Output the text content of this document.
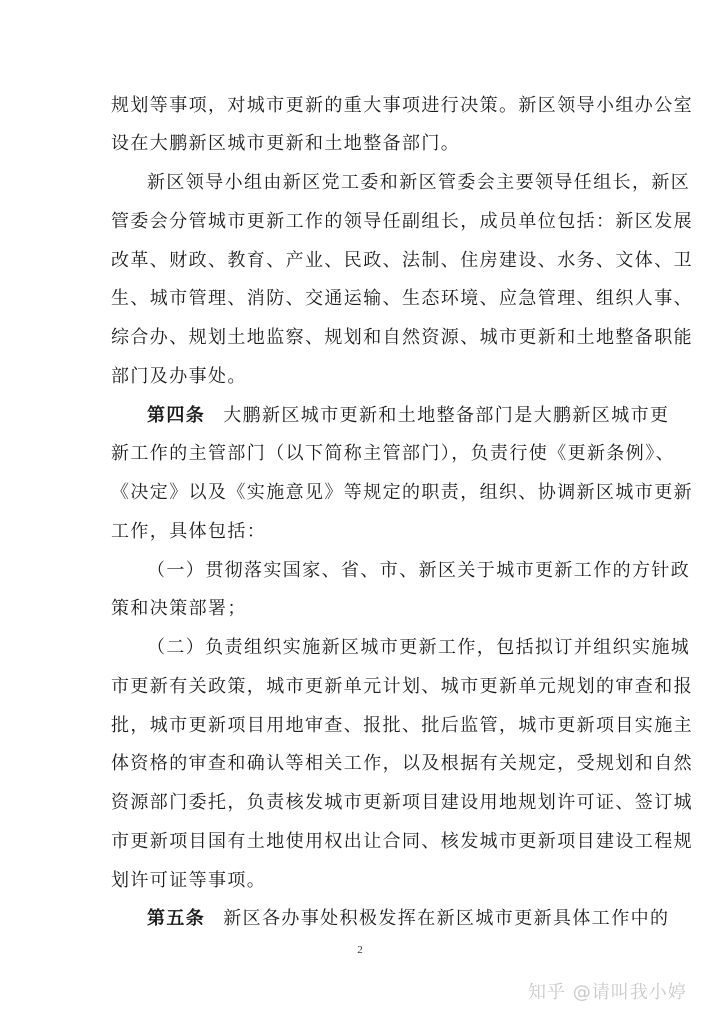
规划等事项，对城市更新的重大事项进行决策。新区领导小组办公室
设在大鹏新区城市更新和土地整备部门。
新区领导小组由新区党工委和新区管委会主要领导任组长，新区
管委会分管城市更新工作的领导任副组长，成员单位包括：新区发展
改革、财政、教育、产业、民政、法制、住房建设、水务、文体、卫
生、城市管理、消防、交通运输、生态环境、应急管理、组织人事、
综合办、规划土地监察、规划和自然资源、城市更新和土地整备职能
部门及办事处。
第四条 大鹏新区城市更新和土地整备部门是大鹏新区城市更
新工作的主管部门（以下简称主管部门），负责行使《更新条例》、
《决定》以及《实施意见》等规定的职责，组织、协调新区城市更新
工作，具体包括：
（一）贯彻落实国家、省、市、新区关于城市更新工作的方针政
策和决策部署；
（二）负责组织实施新区城市更新工作，包括拟订并组织实施城
市更新有关政策，城市更新单元计划、城市更新单元规划的审查和报
批，城市更新项目用地审查、报批、批后监管，城市更新项目实施主
体资格的审查和确认等相关工作，以及根据有关规定，受规划和自然
资源部门委托，负责核发城市更新项目建设用地规划许可证、签订城
市更新项目国有土地使用权出让合同、核发城市更新项目建设工程规
划许可证等事项。
第五条 新区各办事处积极发挥在新区城市更新具体工作中的
2
知乎 @请叫我小婷
